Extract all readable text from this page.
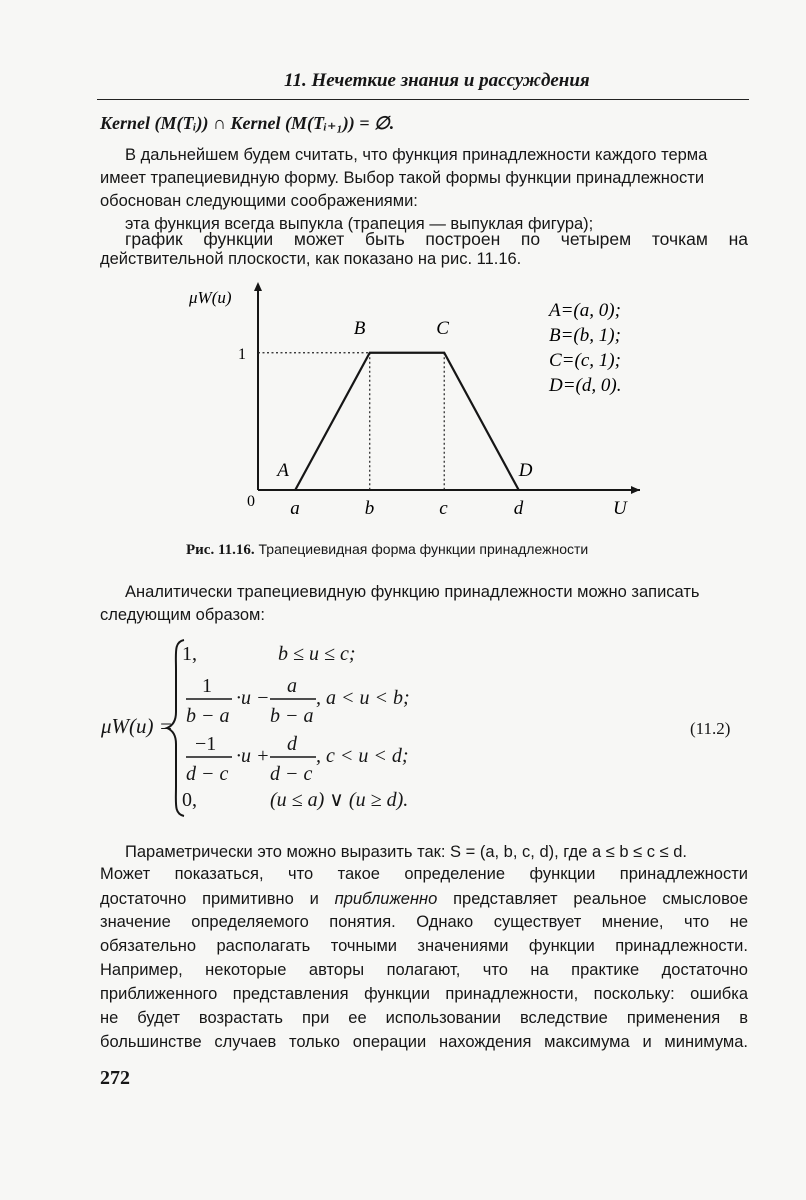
11. Нечеткие знания и рассуждения
Kernel (M(Tᵢ)) ∩ Kernel (M(Tᵢ₊₁)) = ∅.
В дальнейшем будем считать, что функция принадлежности каждого терма
имеет трапециевидную форму. Выбор такой формы функции принадлежности
обоснован следующими соображениями:
эта функция всегда выпукла (трапеция — выпуклая фигура);
график функции может быть построен по четырем точкам на
действительной плоскости, как показано на рис. 11.16.
μW(u)
U
0
1
a	b	c	d
A
B	C
D
A=(a, 0);
B=(b, 1);
C=(c, 1);
D=(d, 0).
Рис. 11.16. Трапециевидная форма функции принадлежности
Аналитически трапециевидную функцию принадлежности можно записать
следующим образом:
μW(u) =
1,	b ≤ u ≤ c;
1
b − a
·u −
a
b − a
, a < u < b;
−1
d − c
·u +
d
d − c
, c < u < d;
0,	(u ≤ a) ∨ (u ≥ d).
(11.2)
Параметрически это можно выразить так: S = (a, b, c, d), где a ≤ b ≤ c ≤ d.
Может показаться, что такое определение функции принадлежности
достаточно примитивно и приближенно представляет реальное смысловое
значение определяемого понятия. Однако существует мнение, что не
обязательно располагать точными значениями функции принадлежности.
Например, некоторые авторы полагают, что на практике достаточно
приближенного представления функции принадлежности, поскольку: ошибка
не будет возрастать при ее использовании вследствие применения в
большинстве случаев только операции нахождения максимума и минимума.
272
